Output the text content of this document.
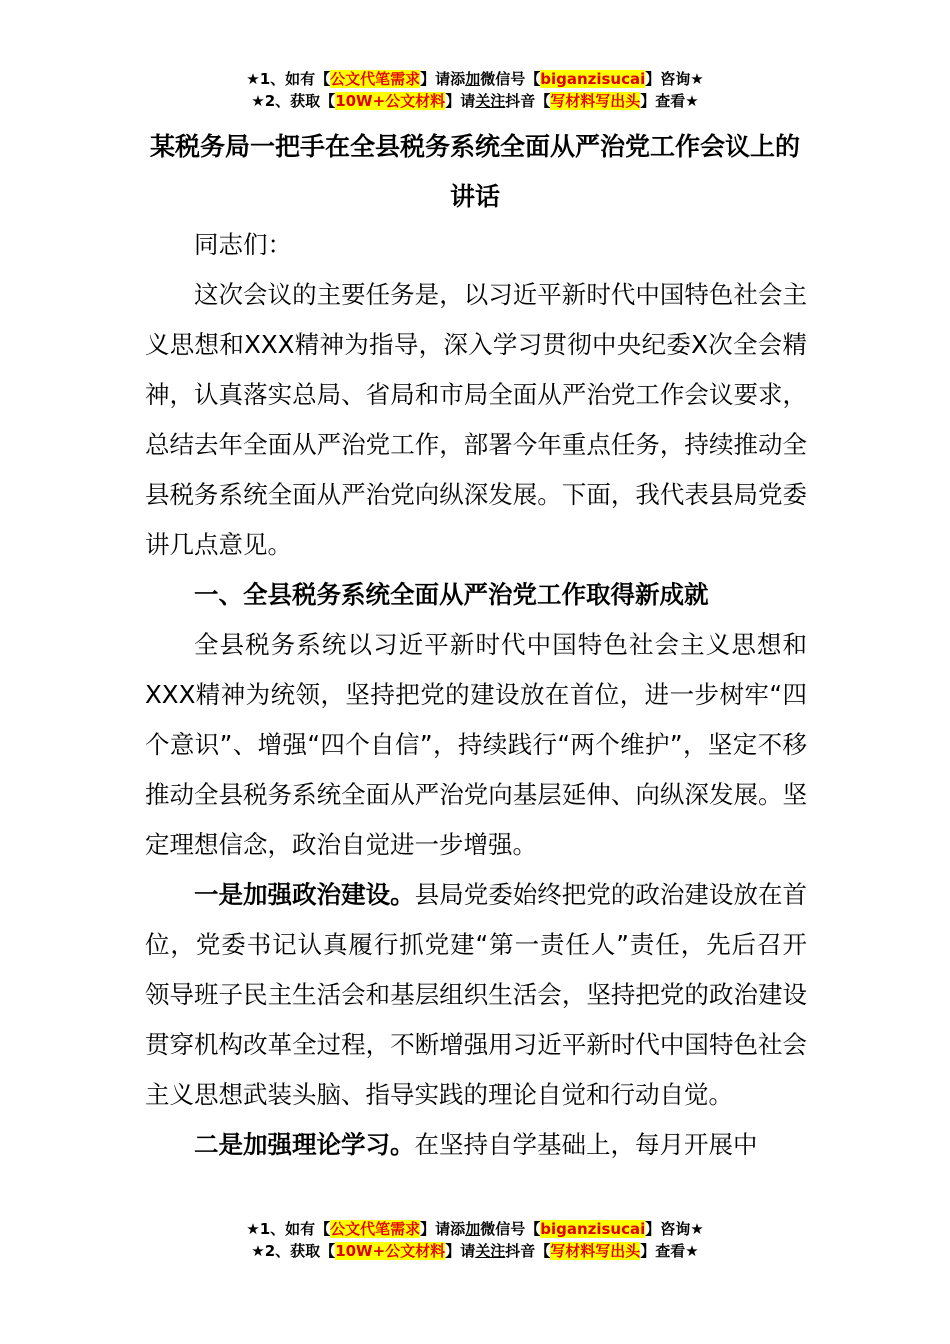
★1、如有【公文代笔需求】请添加微信号【biganzisucai】咨询★
★2、获取【10W+公文材料】请关注抖音【写材料写出头】查看★
某税务局一把手在全县税务系统全面从严治党工作会议上的讲话

同志们：

这次会议的主要任务是，以习近平新时代中国特色社会主义思想和XXX精神为指导，深入学习贯彻中央纪委X次全会精神，认真落实总局、省局和市局全面从严治党工作会议要求，总结去年全面从严治党工作，部署今年重点任务，持续推动全县税务系统全面从严治党向纵深发展。下面，我代表县局党委讲几点意见。

一、全县税务系统全面从严治党工作取得新成就

全县税务系统以习近平新时代中国特色社会主义思想和XXX精神为统领，坚持把党的建设放在首位，进一步树牢“四个意识”、增强“四个自信”，持续践行“两个维护”，坚定不移推动全县税务系统全面从严治党向基层延伸、向纵深发展。坚定理想信念，政治自觉进一步增强。

一是加强政治建设。县局党委始终把党的政治建设放在首位，党委书记认真履行抓党建“第一责任人”责任，先后召开领导班子民主生活会和基层组织生活会，坚持把党的政治建设贯穿机构改革全过程，不断增强用习近平新时代中国特色社会主义思想武装头脑、指导实践的理论自觉和行动自觉。

二是加强理论学习。在坚持自学基础上，每月开展中

★1、如有【公文代笔需求】请添加微信号【biganzisucai】咨询★
★2、获取【10W+公文材料】请关注抖音【写材料写出头】查看★
